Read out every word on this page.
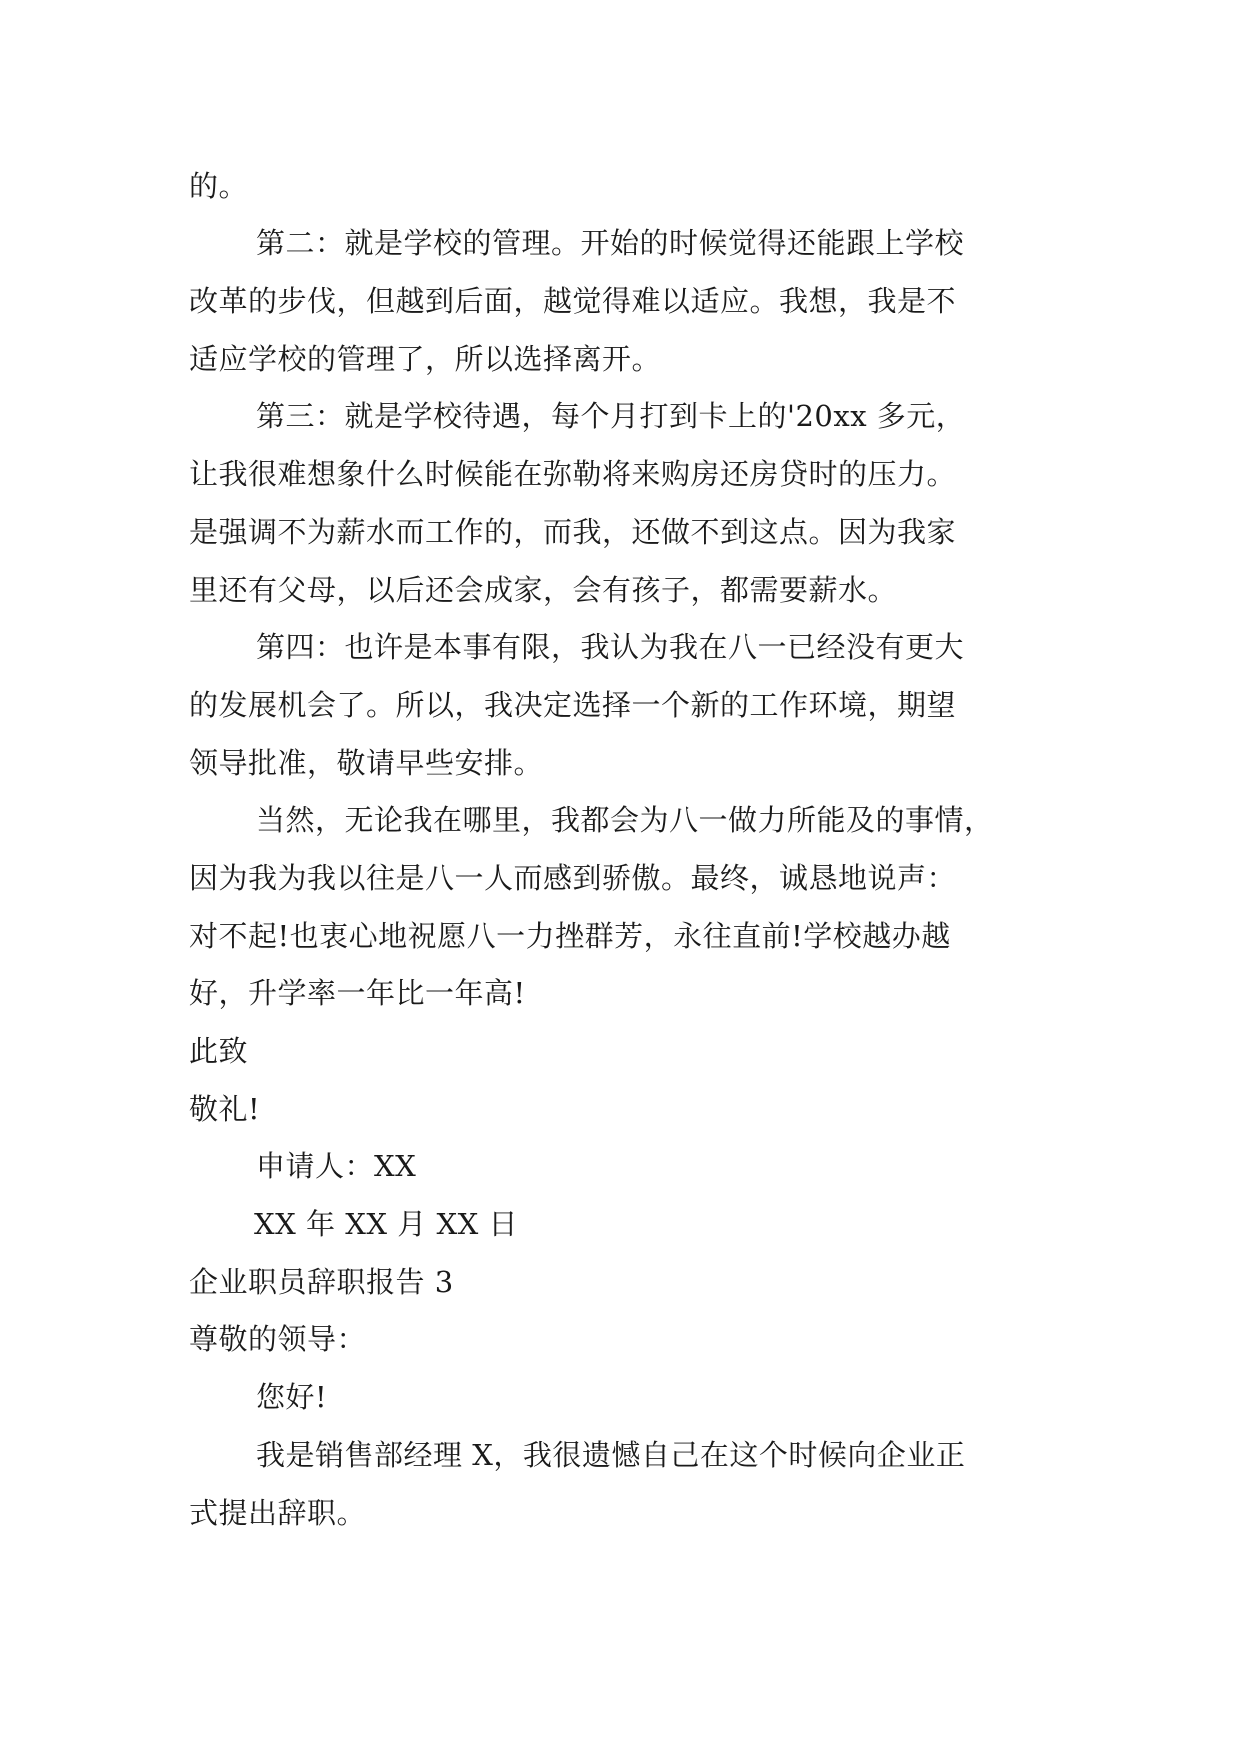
的。
第二：就是学校的管理。开始的时候觉得还能跟上学校
改革的步伐，但越到后面，越觉得难以适应。我想，我是不
适应学校的管理了，所以选择离开。
第三：就是学校待遇，每个月打到卡上的'20xx 多元，
让我很难想象什么时候能在弥勒将来购房还房贷时的压力。
是强调不为薪水而工作的，而我，还做不到这点。因为我家
里还有父母，以后还会成家，会有孩子，都需要薪水。
第四：也许是本事有限，我认为我在八一已经没有更大
的发展机会了。所以，我决定选择一个新的工作环境，期望
领导批准，敬请早些安排。
当然，无论我在哪里，我都会为八一做力所能及的事情，
因为我为我以往是八一人而感到骄傲。最终，诚恳地说声：
对不起!也衷心地祝愿八一力挫群芳，永往直前!学校越办越
好，升学率一年比一年高!
此致
敬礼!
申请人：XX
XX 年 XX 月 XX 日
企业职员辞职报告 3
尊敬的领导：
您好!
我是销售部经理 X，我很遗憾自己在这个时候向企业正
式提出辞职。
